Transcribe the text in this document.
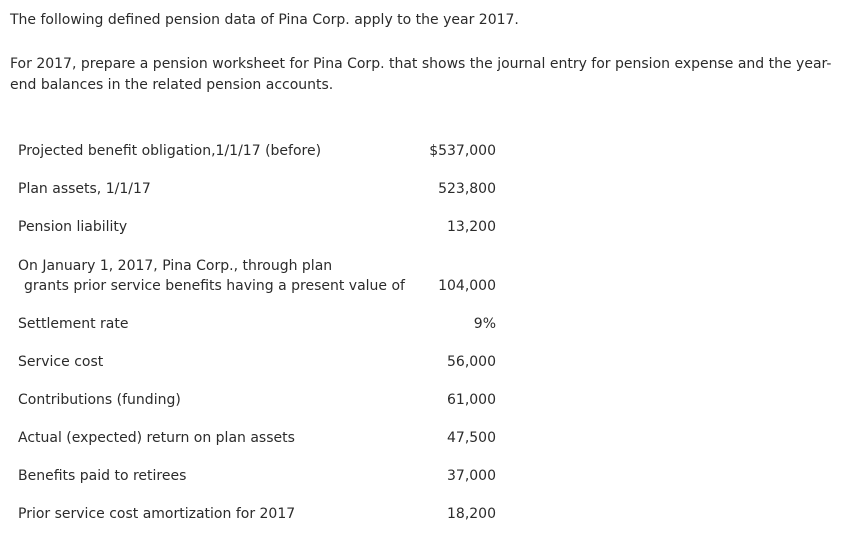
The following defined pension data of Pina Corp. apply to the year 2017.

For 2017, prepare a pension worksheet for Pina Corp. that shows the journal entry for pension expense and the year-end balances in the related pension accounts.

Projected benefit obligation,1/1/17 (before)	$537,000
Plan assets, 1/1/17	523,800
Pension liability	13,200
On January 1, 2017, Pina Corp., through plan
grants prior service benefits having a present value of	104,000
Settlement rate	9%
Service cost	56,000
Contributions (funding)	61,000
Actual (expected) return on plan assets	47,500
Benefits paid to retirees	37,000
Prior service cost amortization for 2017	18,200
